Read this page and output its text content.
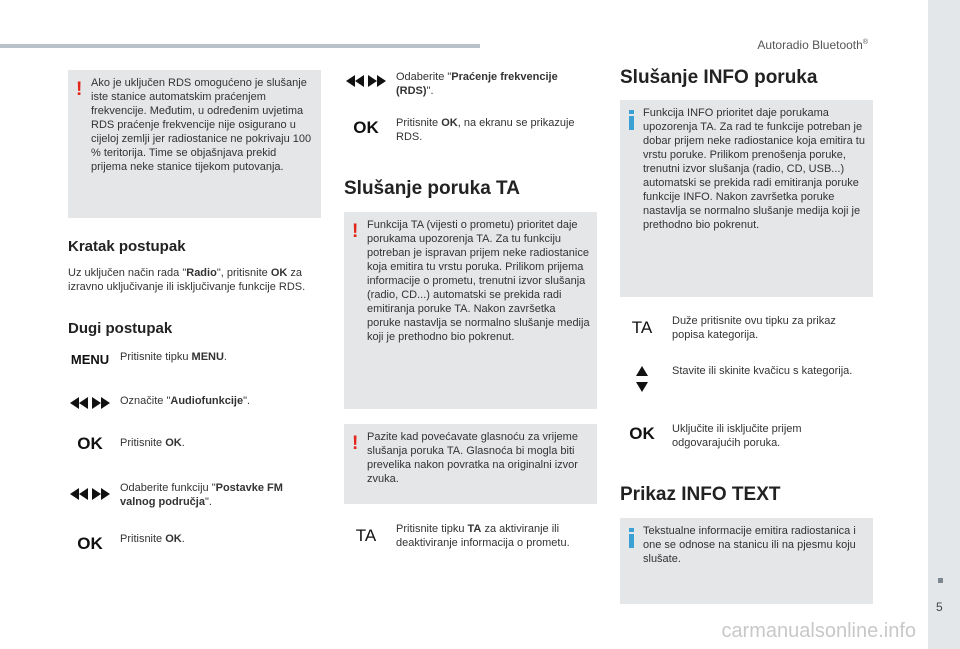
Autoradio Bluetooth®
5
! Ako je uključen RDS omogućeno je slušanje iste stanice automatskim praćenjem frekvencije. Međutim, u određenim uvjetima RDS praćenje frekvencije nije osigurano u cijeloj zemlji jer radiostanice ne pokrivaju 100 % teritorija. Time se objašnjava prekid prijema neke stanice tijekom putovanja.
Kratak postupak

Uz uključen način rada "Radio", pritisnite OK za izravno uključivanje ili isključivanje funkcije RDS.

Dugi postupak
MENU Pritisnite tipku MENU.

Označite "Audiofunkcije".
OK	Pritisnite OK.

Odaberite funkciju "Postavke FM valnog područja".
OK	Pritisnite OK.

Odaberite "Praćenje frekvencije (RDS)".
OK	Pritisnite OK, na ekranu se prikazuje RDS.
Slušanje poruka TA
! Funkcija TA (vijesti o prometu) prioritet daje porukama upozorenja TA. Za tu funkciju potreban je ispravan prijem neke radiostanice koja emitira tu vrstu poruka. Prilikom prijema informacije o prometu, trenutni izvor slušanja (radio, CD...) automatski se prekida radi emitiranja poruke TA. Nakon završetka poruke nastavlja se normalno slušanje medija koji je prethodno bio pokrenut.
! Pazite kad povećavate glasnoću za vrijeme slušanja poruka TA. Glasnoća bi mogla biti prevelika nakon povratka na originalni izvor zvuka.
TA	Pritisnite tipku TA za aktiviranje ili deaktiviranje informacija o prometu.
Slušanje INFO poruka
Funkcija INFO prioritet daje porukama upozorenja TA. Za rad te funkcije potreban je dobar prijem neke radiostanice koja emitira tu vrstu poruke. Prilikom prenošenja poruke, trenutni izvor slušanja (radio, CD, USB...) automatski se prekida radi emitiranja poruke funkcije INFO. Nakon završetka poruke nastavlja se normalno slušanje medija koji je prethodno bio pokrenut.
TA	Duže pritisnite ovu tipku za prikaz popisa kategorija.
Stavite ili skinite kvačicu s kategorija.
OK	Uključite ili isključite prijem odgovarajućih poruka.
Prikaz INFO TEXT
Tekstualne informacije emitira radiostanica i one se odnose na stanicu ili na pjesmu koju slušate.
carmanualsonline.info
